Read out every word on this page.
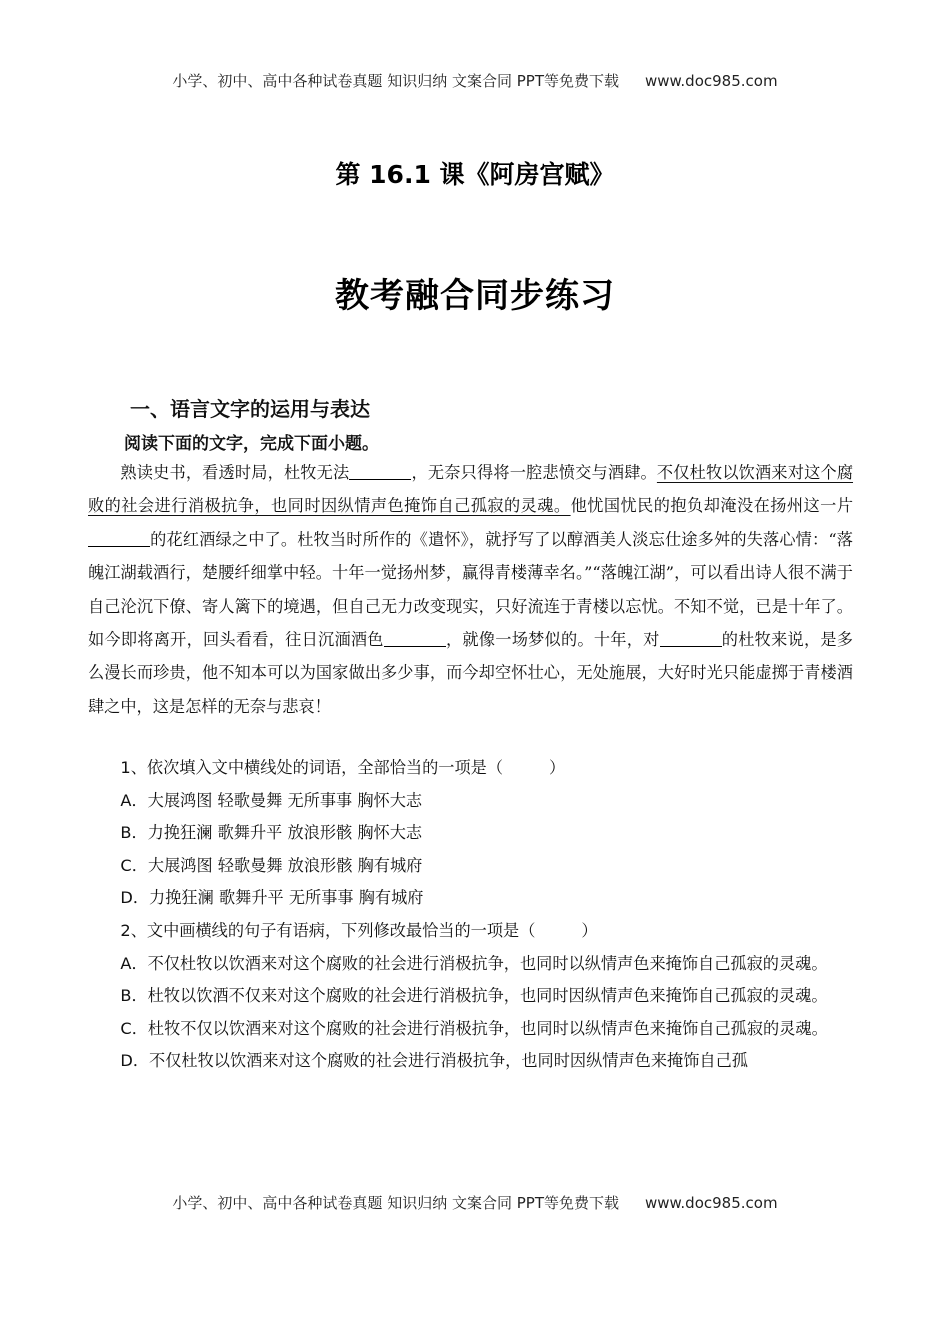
小学、初中、高中各种试卷真题 知识归纳 文案合同 PPT等免费下载 www.doc985.com
第 16.1 课《阿房宫赋》
教考融合同步练习
一、语言文字的运用与表达
阅读下面的文字，完成下面小题。

熟读史书，看透时局，杜牧无法	，无奈只得将一腔悲愤交与酒肆。不仅杜牧以饮酒来对这个腐败的社会进行消极抗争，也同时因纵情声色掩饰自己孤寂的灵魂。他忧国忧民的抱负却淹没在扬州这一片的花红酒绿之中了。杜牧当时所作的《遣怀》，就抒写了以醇酒美人淡忘仕途多舛的失落心情：“落魄江湖载酒行，楚腰纤细掌中轻。十年一觉扬州梦，赢得青楼薄幸名。”“落魄江湖”，可以看出诗人很不满于自己沦沉下僚、寄人篱下的境遇，但自己无力改变现实，只好流连于青楼以忘忧。不知不觉，已是十年了。如今即将离开，回头看看，往日沉湎酒色	，就像一场梦似的。十年，对	的杜牧来说，是多么漫长而珍贵，他不知本可以为国家做出多少事，而今却空怀壮心，无处施展，大好时光只能虚掷于青楼酒肆之中，这是怎样的无奈与悲哀！

1、依次填入文中横线处的词语，全部恰当的一项是（	）

A．大展鸿图 轻歌曼舞 无所事事 胸怀大志

B．力挽狂澜 歌舞升平 放浪形骸 胸怀大志

C．大展鸿图 轻歌曼舞 放浪形骸 胸有城府

D．力挽狂澜 歌舞升平 无所事事 胸有城府

2、文中画横线的句子有语病，下列修改最恰当的一项是（	）

A．不仅杜牧以饮酒来对这个腐败的社会进行消极抗争，也同时以纵情声色来掩饰自己孤寂的灵魂。

B．杜牧以饮酒不仅来对这个腐败的社会进行消极抗争，也同时因纵情声色来掩饰自己孤寂的灵魂。

C．杜牧不仅以饮酒来对这个腐败的社会进行消极抗争，也同时以纵情声色来掩饰自己孤寂的灵魂。

D．不仅杜牧以饮酒来对这个腐败的社会进行消极抗争，也同时因纵情声色来掩饰自己孤

小学、初中、高中各种试卷真题 知识归纳 文案合同 PPT等免费下载 www.doc985.com
